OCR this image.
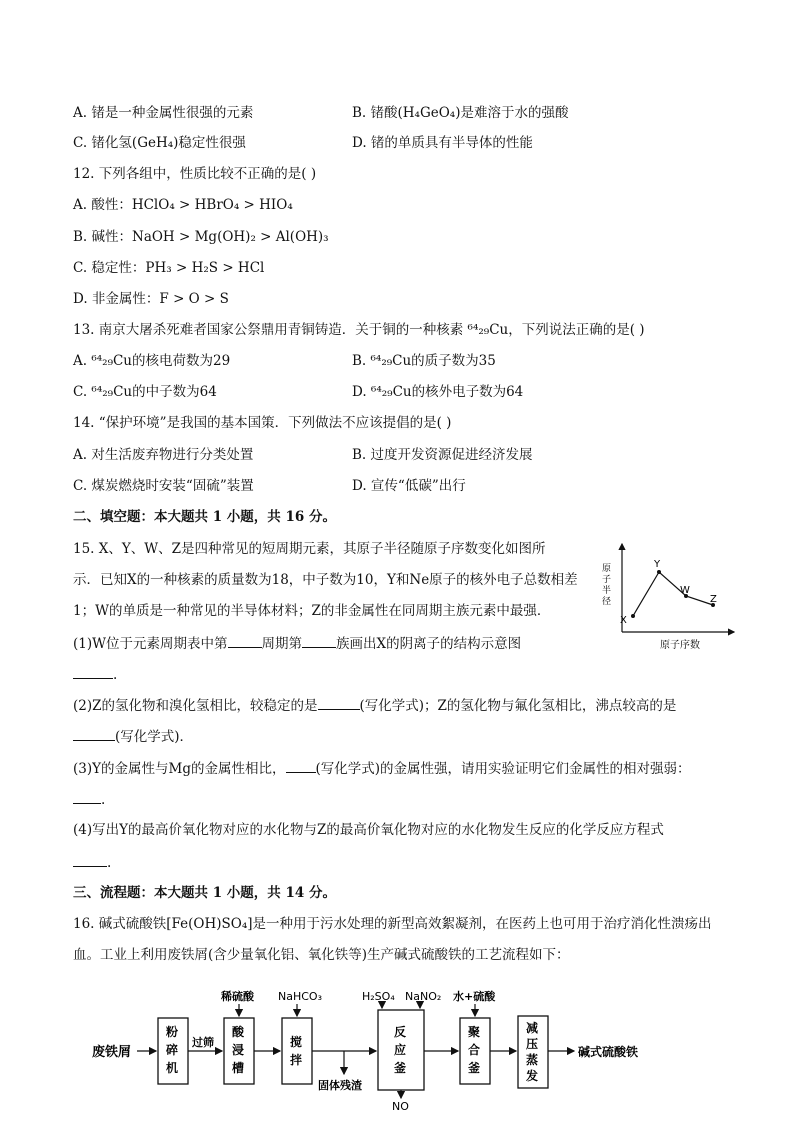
A. 锗是一种金属性很强的元素	B. 锗酸(H₄GeO₄)是难溶于水的强酸
C. 锗化氢(GeH₄)稳定性很强	D. 锗的单质具有半导体的性能
12. 下列各组中，性质比较不正确的是( )
A. 酸性：HClO₄ > HBrO₄ > HIO₄
B. 碱性：NaOH > Mg(OH)₂ > Al(OH)₃
C. 稳定性：PH₃ > H₂S > HCl
D. 非金属性：F > O > S
13. 南京大屠杀死难者国家公祭鼎用青铜铸造．关于铜的一种核素 ⁶⁴₂₉Cu，下列说法正确的是( )
A. ⁶⁴₂₉Cu的核电荷数为29	B. ⁶⁴₂₉Cu的质子数为35
C. ⁶⁴₂₉Cu的中子数为64	D. ⁶⁴₂₉Cu的核外电子数为64
14. “保护环境”是我国的基本国策．下列做法不应该提倡的是( )
A. 对生活废弃物进行分类处置	B. 过度开发资源促进经济发展
C. 煤炭燃烧时安装“固硫”装置	D. 宣传“低碳”出行
二、填空题：本大题共 1 小题，共 16 分。
15. X、Y、W、Z是四种常见的短周期元素，其原子半径随原子序数变化如图所
示．已知X的一种核素的质量数为18，中子数为10，Y和Ne原子的核外电子总数相差
1；W的单质是一种常见的半导体材料；Z的非金属性在同周期主族元素中最强．
(1)W位于元素周期表中第	周期第	族画出X的阴离子的结构示意图
.
(2)Z的氢化物和溴化氢相比，较稳定的是	(写化学式)；Z的氢化物与氟化氢相比，沸点较高的是
(写化学式)．
(3)Y的金属性与Mg的金属性相比， (写化学式)的金属性强，请用实验证明它们金属性的相对强弱：
.
(4)写出Y的最高价氧化物对应的水化物与Z的最高价氧化物对应的水化物发生反应的化学反应方程式
.
X
Y
W
Z
原
子
半
径
原子序数
三、流程题：本大题共 1 小题，共 14 分。
16. 碱式硫酸铁[Fe(OH)SO₄]是一种用于污水处理的新型高效絮凝剂，在医药上也可用于治疗消化性溃疡出
血。工业上利用废铁屑(含少量氧化铝、氧化铁等)生产碱式硫酸铁的工艺流程如下：
废铁屑
粉
碎
机
过筛
稀硫酸
酸
浸
槽
NaHCO₃
搅
拌
固体残渣
H₂SO₄ NaNO₂
反
应
釜
NO
水+硫酸
聚
合
釜
减
压
蒸
发
碱式硫酸铁
